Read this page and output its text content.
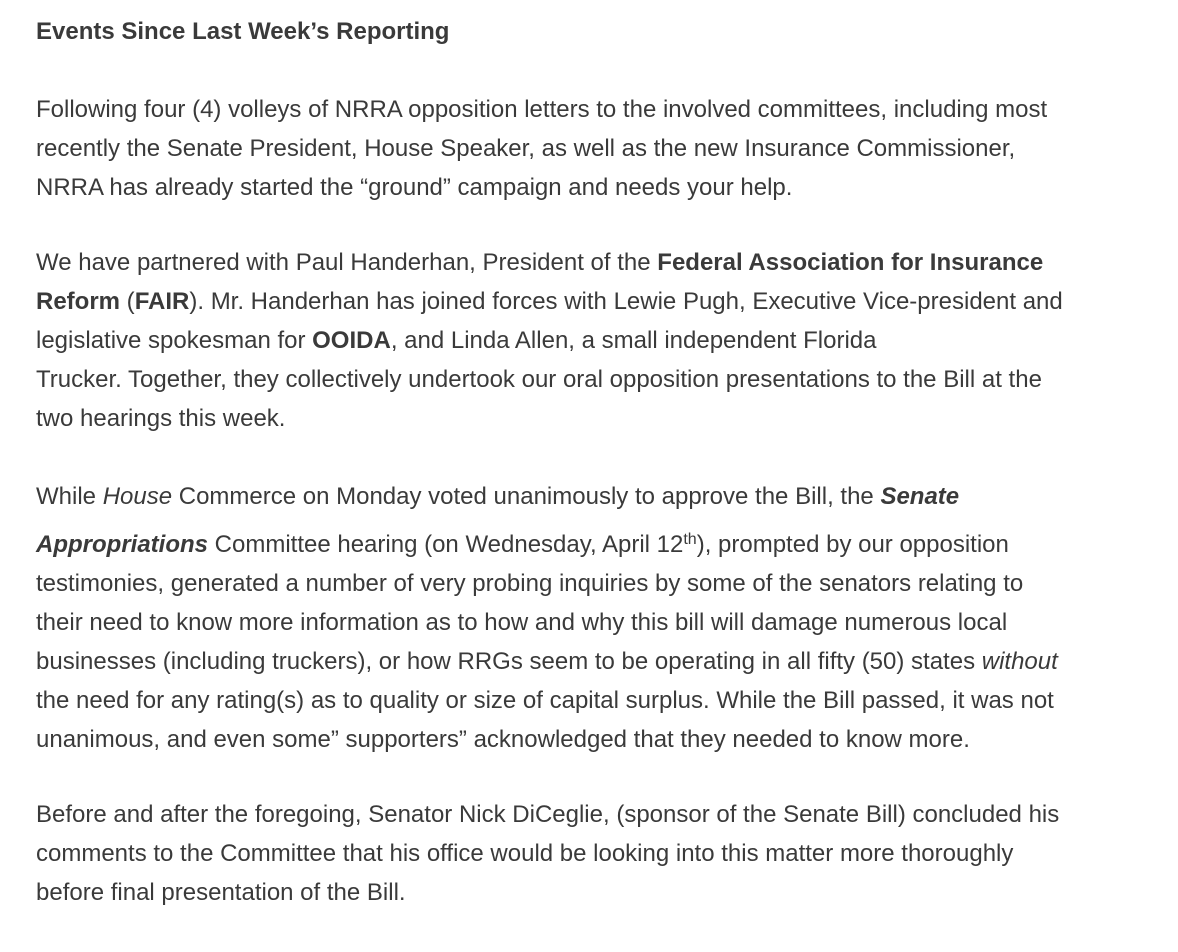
Events Since Last Week’s Reporting
Following four (4) volleys of NRRA opposition letters to the involved committees, including most
recently the Senate President, House Speaker, as well as the new Insurance Commissioner,
NRRA has already started the “ground” campaign and needs your help.
We have partnered with Paul Handerhan, President of the Federal Association for Insurance
Reform (FAIR). Mr. Handerhan has joined forces with Lewie Pugh, Executive Vice-president and
legislative spokesman for OOIDA, and Linda Allen, a small independent Florida
Trucker. Together, they collectively undertook our oral opposition presentations to the Bill at the
two hearings this week.
While House Commerce on Monday voted unanimously to approve the Bill, the Senate
Appropriations Committee hearing (on Wednesday, April 12th), prompted by our opposition
testimonies, generated a number of very probing inquiries by some of the senators relating to
their need to know more information as to how and why this bill will damage numerous local
businesses (including truckers), or how RRGs seem to be operating in all fifty (50) states without
the need for any rating(s) as to quality or size of capital surplus. While the Bill passed, it was not
unanimous, and even some” supporters” acknowledged that they needed to know more.
Before and after the foregoing, Senator Nick DiCeglie, (sponsor of the Senate Bill) concluded his
comments to the Committee that his office would be looking into this matter more thoroughly
before final presentation of the Bill.
